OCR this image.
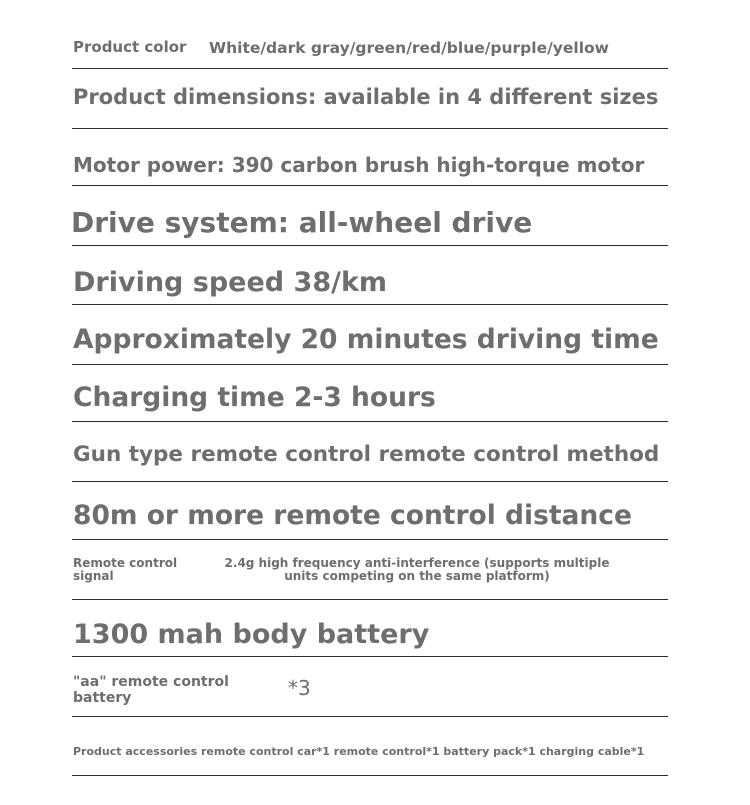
Product color White/dark gray/green/red/blue/purple/yellow
Product dimensions: available in 4 different sizes
Motor power: 390 carbon brush high-torque motor
Drive system: all-wheel drive
Driving speed 38/km
Approximately 20 minutes driving time
Charging time 2-3 hours
Gun type remote control remote control method
80m or more remote control distance
Remote control signal
2.4g high frequency anti-interference (supports multiple units competing on the same platform)
1300 mah body battery
"aa" remote control battery	*3
Product accessories remote control car*1 remote control*1 battery pack*1 charging cable*1
